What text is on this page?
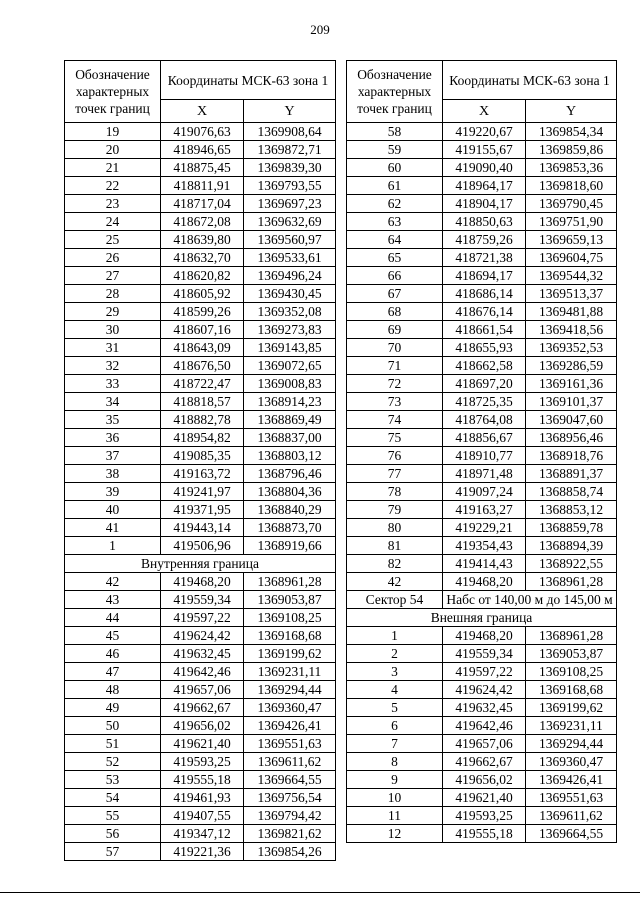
209
Обозначение характерных точек границ	Координаты МСК-63 зона 1	
	X	Y
19	419076,63	1369908,64
20	418946,65	1369872,71
21	418875,45	1369839,30
22	418811,91	1369793,55
23	418717,04	1369697,23
24	418672,08	1369632,69
25	418639,80	1369560,97
26	418632,70	1369533,61
27	418620,82	1369496,24
28	418605,92	1369430,45
29	418599,26	1369352,08
30	418607,16	1369273,83
31	418643,09	1369143,85
32	418676,50	1369072,65
33	418722,47	1369008,83
34	418818,57	1368914,23
35	418882,78	1368869,49
36	418954,82	1368837,00
37	419085,35	1368803,12
38	419163,72	1368796,46
39	419241,97	1368804,36
40	419371,95	1368840,29
41	419443,14	1368873,70
1	419506,96	1368919,66
Внутренняя граница		
42	419468,20	1368961,28
43	419559,34	1369053,87
44	419597,22	1369108,25
45	419624,42	1369168,68
46	419632,45	1369199,62
47	419642,46	1369231,11
48	419657,06	1369294,44
49	419662,67	1369360,47
50	419656,02	1369426,41
51	419621,40	1369551,63
52	419593,25	1369611,62
53	419555,18	1369664,55
54	419461,93	1369756,54
55	419407,55	1369794,42
56	419347,12	1369821,62
57	419221,36	1369854,26
Обозначение характерных точек границ	Координаты МСК-63 зона 1	
	X	Y
58	419220,67	1369854,34
59	419155,67	1369859,86
60	419090,40	1369853,36
61	418964,17	1369818,60
62	418904,17	1369790,45
63	418850,63	1369751,90
64	418759,26	1369659,13
65	418721,38	1369604,75
66	418694,17	1369544,32
67	418686,14	1369513,37
68	418676,14	1369481,88
69	418661,54	1369418,56
70	418655,93	1369352,53
71	418662,58	1369286,59
72	418697,20	1369161,36
73	418725,35	1369101,37
74	418764,08	1369047,60
75	418856,67	1368956,46
76	418910,77	1368918,76
77	418971,48	1368891,37
78	419097,24	1368858,74
79	419163,27	1368853,12
80	419229,21	1368859,78
81	419354,43	1368894,39
82	419414,43	1368922,55
42	419468,20	1368961,28
Сектор 54	Набс от 140,00 м до 145,00 м	
Внешняя граница		
1	419468,20	1368961,28
2	419559,34	1369053,87
3	419597,22	1369108,25
4	419624,42	1369168,68
5	419632,45	1369199,62
6	419642,46	1369231,11
7	419657,06	1369294,44
8	419662,67	1369360,47
9	419656,02	1369426,41
10	419621,40	1369551,63
11	419593,25	1369611,62
12	419555,18	1369664,55
